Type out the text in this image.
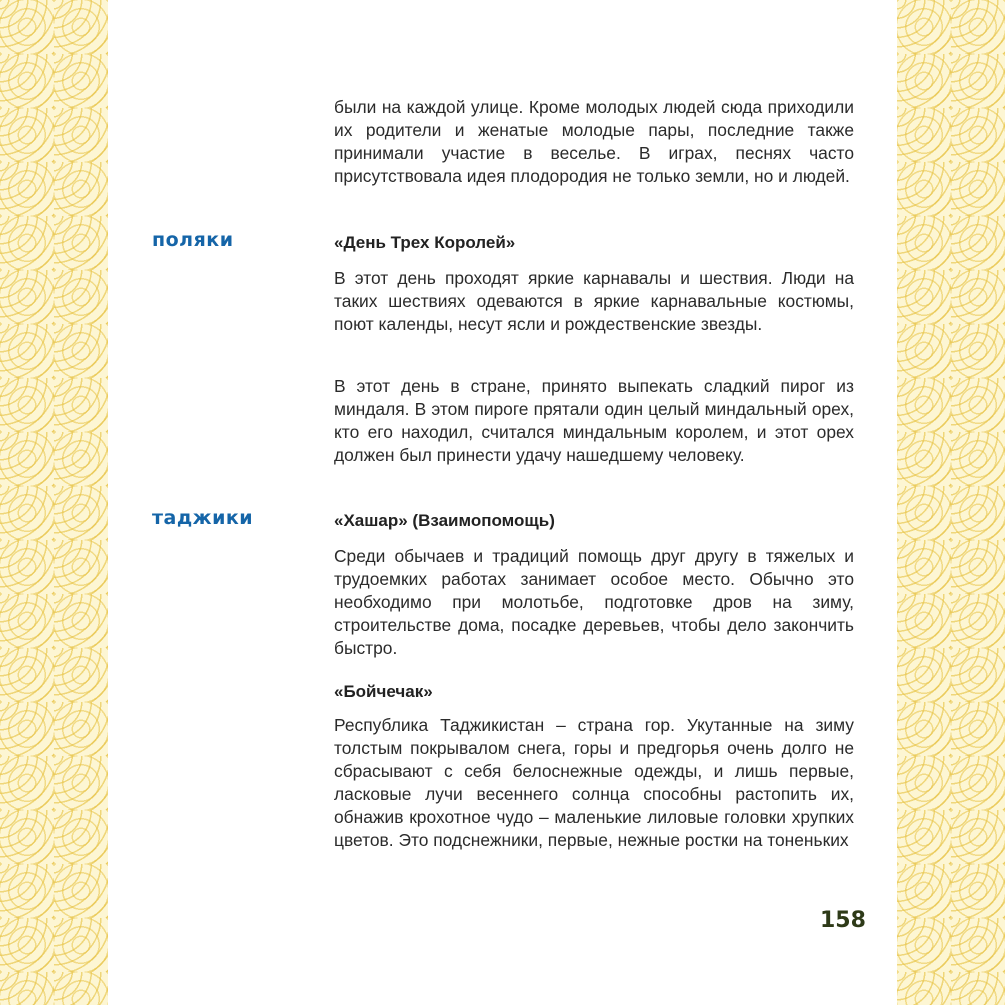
были на каждой улице. Кроме молодых людей сюда приходили их родители и женатые молодые пары, последние также принимали участие в веселье. В играх, песнях часто присутствовала идея плодородия не только земли, но и людей.

поляки	«День Трех Королей»

В этот день проходят яркие карнавалы и шествия. Люди на таких шествиях одеваются в яркие карнавальные костюмы, поют календы, несут ясли и рождественские звезды.

В этот день в стране, принято выпекать сладкий пирог из миндаля. В этом пироге прятали один целый миндальный орех, кто его находил, считался миндальным королем, и этот орех должен был принести удачу нашедшему человеку.

таджики	«Хашар» (Взаимопомощь)

Среди обычаев и традиций помощь друг другу в тяжелых и трудоемких работах занимает особое место. Обычно это необходимо при молотьбе, подготовке дров на зиму, строительстве дома, посадке деревьев, чтобы дело закончить быстро.

«Бойчечак»

Республика Таджикистан – страна гор. Укутанные на зиму толстым покрывалом снега, горы и предгорья очень долго не сбрасывают с себя белоснежные одежды, и лишь первые, ласковые лучи весеннего солнца способны растопить их, обнажив крохотное чудо – маленькие лиловые головки хрупких цветов. Это подснежники, первые, нежные ростки на тоненьких

158
